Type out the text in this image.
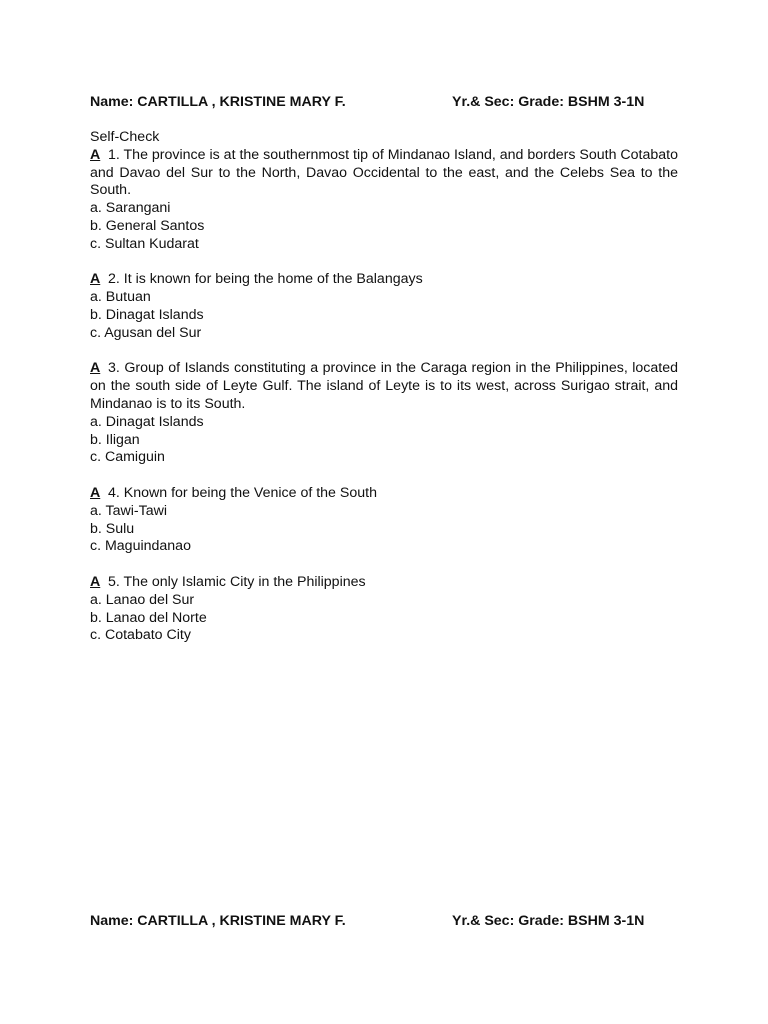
Name: CARTILLA , KRISTINE MARY F.	Yr.& Sec: Grade: BSHM 3-1N

Self-Check

A 1. The province is at the southernmost tip of Mindanao Island, and borders South Cotabato and Davao del Sur to the North, Davao Occidental to the east, and the Celebs Sea to the South.

a. Sarangani

b. General Santos

c. Sultan Kudarat

A 2. It is known for being the home of the Balangays

a. Butuan

b. Dinagat Islands

c. Agusan del Sur

A 3. Group of Islands constituting a province in the Caraga region in the Philippines, located on the south side of Leyte Gulf. The island of Leyte is to its west, across Surigao strait, and Mindanao is to its South.

a. Dinagat Islands

b. Iligan

c. Camiguin

A 4. Known for being the Venice of the South

a. Tawi-Tawi

b. Sulu

c. Maguindanao

A 5. The only Islamic City in the Philippines

a. Lanao del Sur

b. Lanao del Norte

c. Cotabato City

Name: CARTILLA , KRISTINE MARY F.	Yr.& Sec: Grade: BSHM 3-1N
